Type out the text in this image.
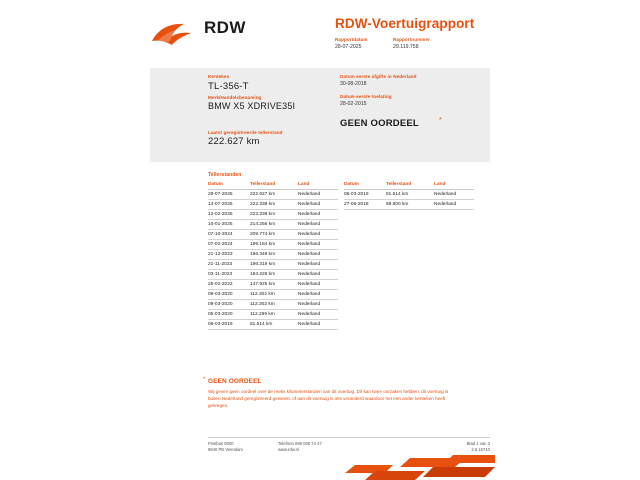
RDW	RDW-Voertuigrapport
Rapportdatum
28-07-2025
Rapportnummer
29.119.758
Kenteken
TL-356-T
Merk/Handelsbenaming
BMW X5 XDRIVE35I
Laatst geregistreerde tellerstand
222.627 km
Datum eerste afgifte in Nederland
30-08-2018
Datum eerste toelating
28-02-2015
GEEN OORDEEL	*
Tellerstanden
Datum	Tellerstand	Land
28-07-2025	222.627 km	Nederland
14-07-2025	222.338 km	Nederland
12-02-2025	222.338 km	Nederland
10-01-2025	214.256 km	Nederland
07-10-2024	209.774 km	Nederland
07-02-2024	199.184 km	Nederland
21-12-2023	196.349 km	Nederland
21-11-2023	196.319 km	Nederland
03-11-2023	194.226 km	Nederland
25-02-2022	147.925 km	Nederland
09-03-2020	112.302 km	Nederland
09-03-2020	112.302 km	Nederland
05-03-2020	112.299 km	Nederland
06-03-2019	81.514 km	Nederland
Datum	Tellerstand	Land
06-03-2019	81.514 km	Nederland
27-06-2018	69.800 km	Nederland
* GEEN OORDEEL
Wij geven geen oordeel over de reeks kilometerstanden van dit voertuig. Dit kan twee oorzaken hebben: dit voertuig is buiten Nederland geregistreerd geweest, of aan dit voertuig is iets veranderd waardoor het een ander kenteken heeft gekregen.
Postbus 9000
9640 PB Veendam
Telefoon 088 008 74 47
www.rdw.nl
Blad 1 van 3
2.6 16710
